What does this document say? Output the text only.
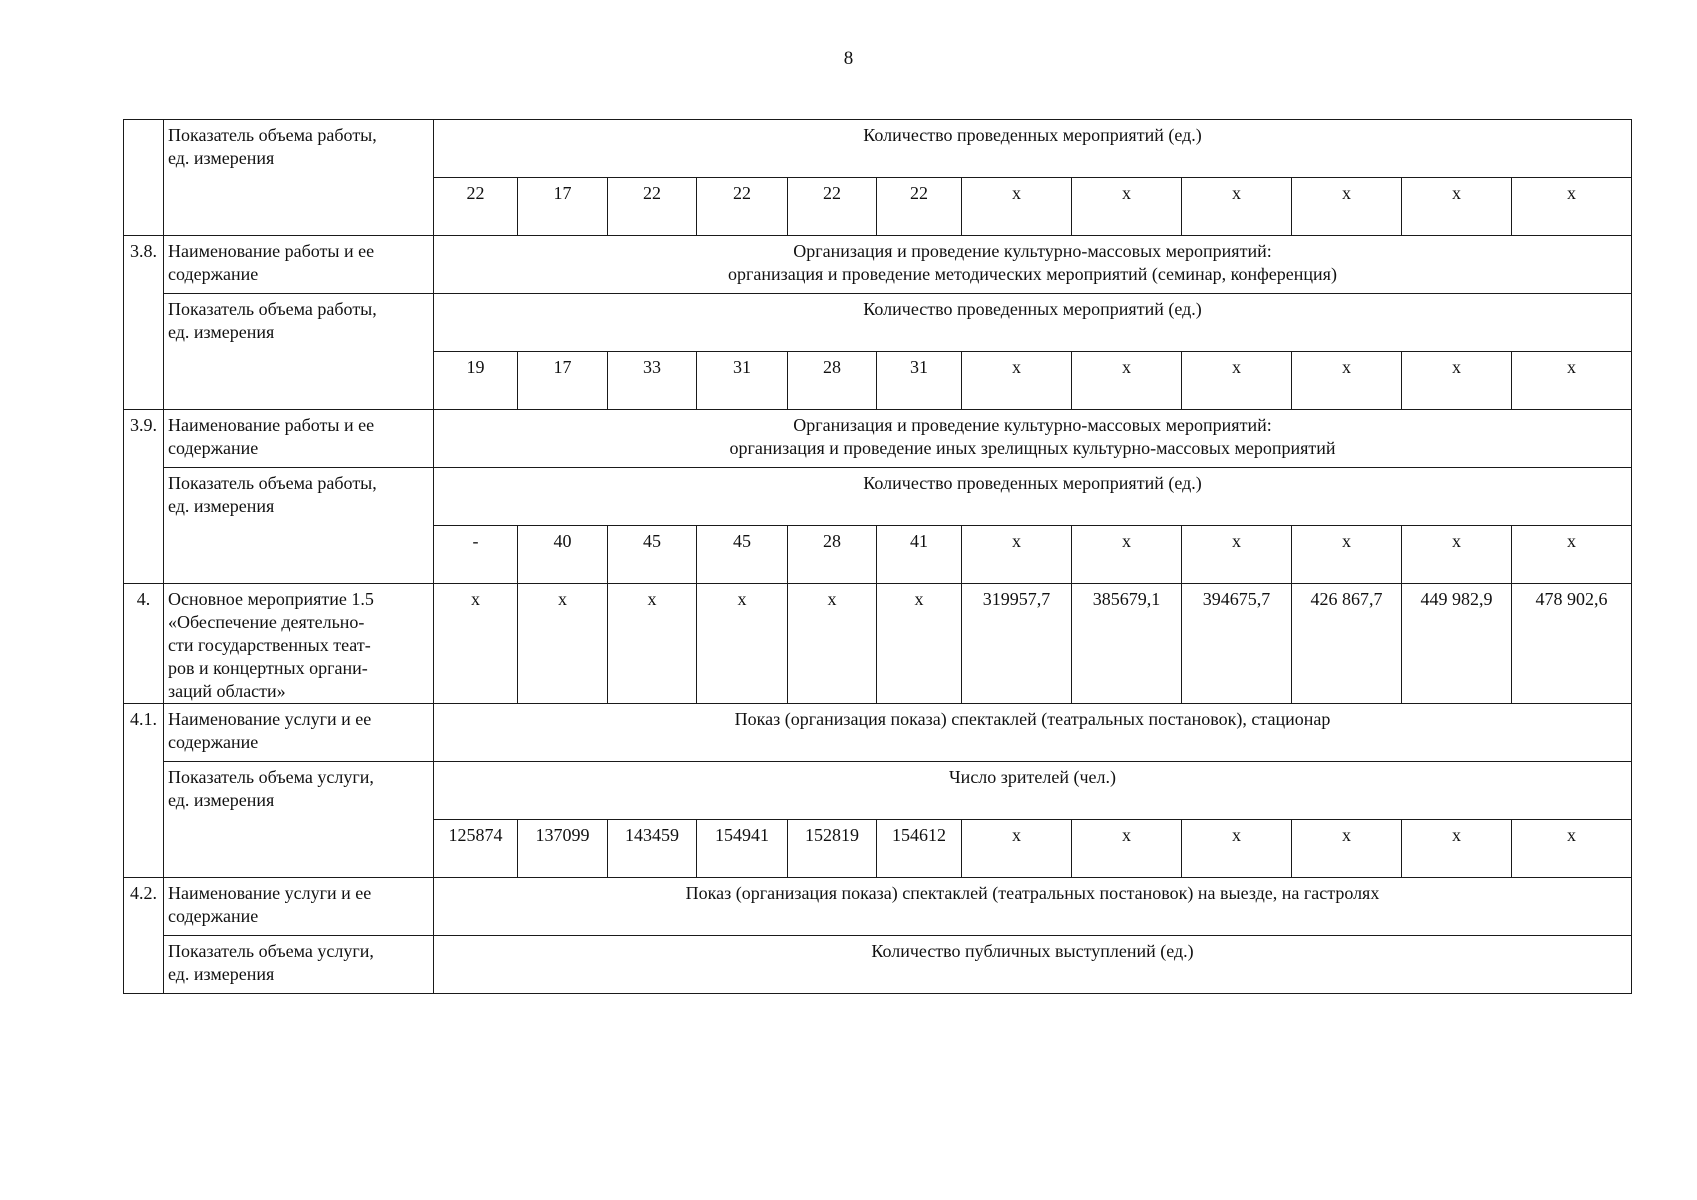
8

	Показатель объема работы,
ед. измерения	Количество проведенных мероприятий (ед.)											
		22	17	22	22	22	22	x	x	x	x	x	x
3.8.	Наименование работы и ее
содержание	Организация и проведение культурно-массовых мероприятий:
организация и проведение методических мероприятий (семинар, конференция)											

	Показатель объема работы,
ед. измерения	Количество проведенных мероприятий (ед.)											
		19	17	33	31	28	31	x	x	x	x	x	x
3.9.	Наименование работы и ее
содержание	Организация и проведение культурно-массовых мероприятий:
организация и проведение иных зрелищных культурно-массовых мероприятий											

	Показатель объема работы,
ед. измерения	Количество проведенных мероприятий (ед.)											
		-	40	45	45	28	41	x	x	x	x	x	x
4.	Основное мероприятие 1.5
«Обеспечение деятельно-
сти государственных теат-
ров и концертных органи-
заций области»	x	x	x	x	x	x	319957,7	385679,1	394675,7	426 867,7	449 982,9	478 902,6
4.1.	Наименование услуги и ее
содержание	Показ (организация показа) спектаклей (театральных постановок), стационар											

	Показатель объема услуги,
ед. измерения	Число зрителей (чел.)											
		125874	137099	143459	154941	152819	154612	x	x	x	x	x	x
4.2.	Наименование услуги и ее
содержание	Показ (организация показа) спектаклей (театральных постановок) на выезде, на гастролях											

	Показатель объема услуги,
ед. измерения	Количество публичных выступлений (ед.)											
